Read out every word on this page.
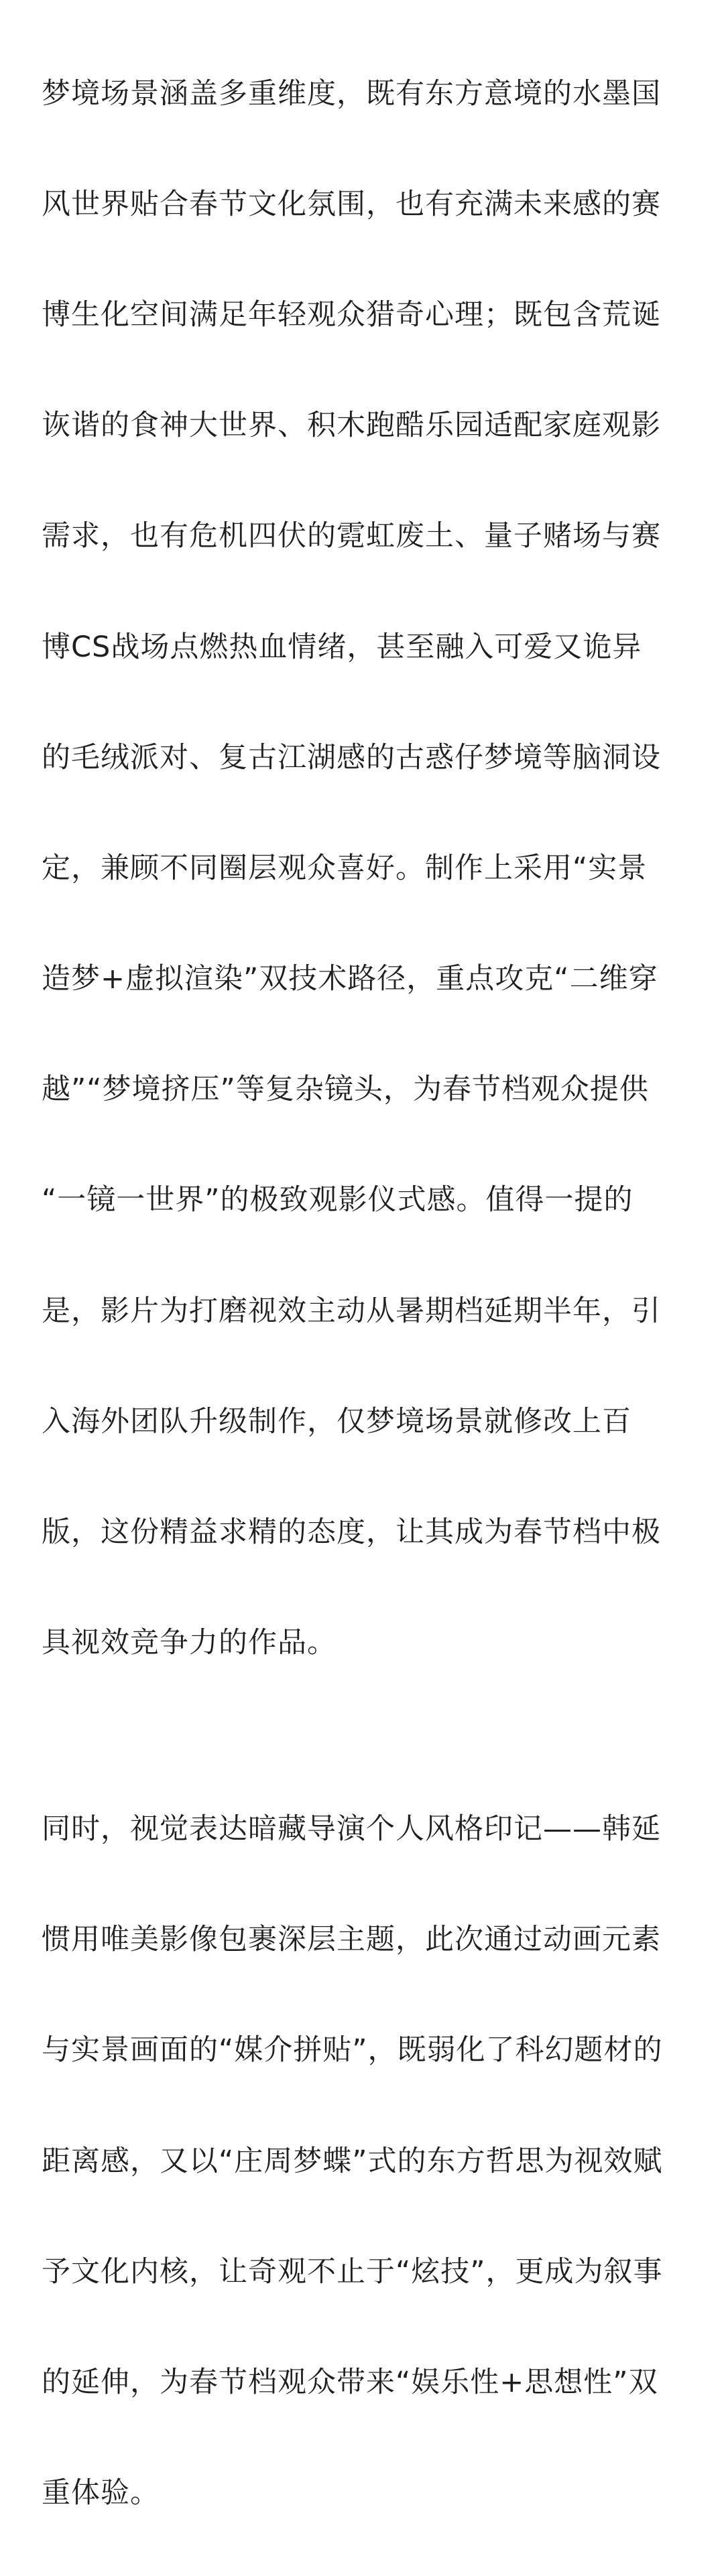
梦境场景涵盖多重维度，既有东方意境的水墨国

风世界贴合春节文化氛围，也有充满未来感的赛

博生化空间满足年轻观众猎奇心理；既包含荒诞

诙谐的食神大世界、积木跑酷乐园适配家庭观影

需求，也有危机四伏的霓虹废土、量子赌场与赛

博CS战场点燃热血情绪，甚至融入可爱又诡异

的毛绒派对、复古江湖感的古惑仔梦境等脑洞设

定，兼顾不同圈层观众喜好。制作上采用“实景

造梦+虚拟渲染”双技术路径，重点攻克“二维穿

越”“梦境挤压”等复杂镜头，为春节档观众提供

“一镜一世界”的极致观影仪式感。值得一提的

是，影片为打磨视效主动从暑期档延期半年，引

入海外团队升级制作，仅梦境场景就修改上百

版，这份精益求精的态度，让其成为春节档中极

具视效竞争力的作品。

同时，视觉表达暗藏导演个人风格印记——韩延

惯用唯美影像包裹深层主题，此次通过动画元素

与实景画面的“媒介拼贴”，既弱化了科幻题材的

距离感，又以“庄周梦蝶”式的东方哲思为视效赋

予文化内核，让奇观不止于“炫技”，更成为叙事

的延伸，为春节档观众带来“娱乐性+思想性”双

重体验。
